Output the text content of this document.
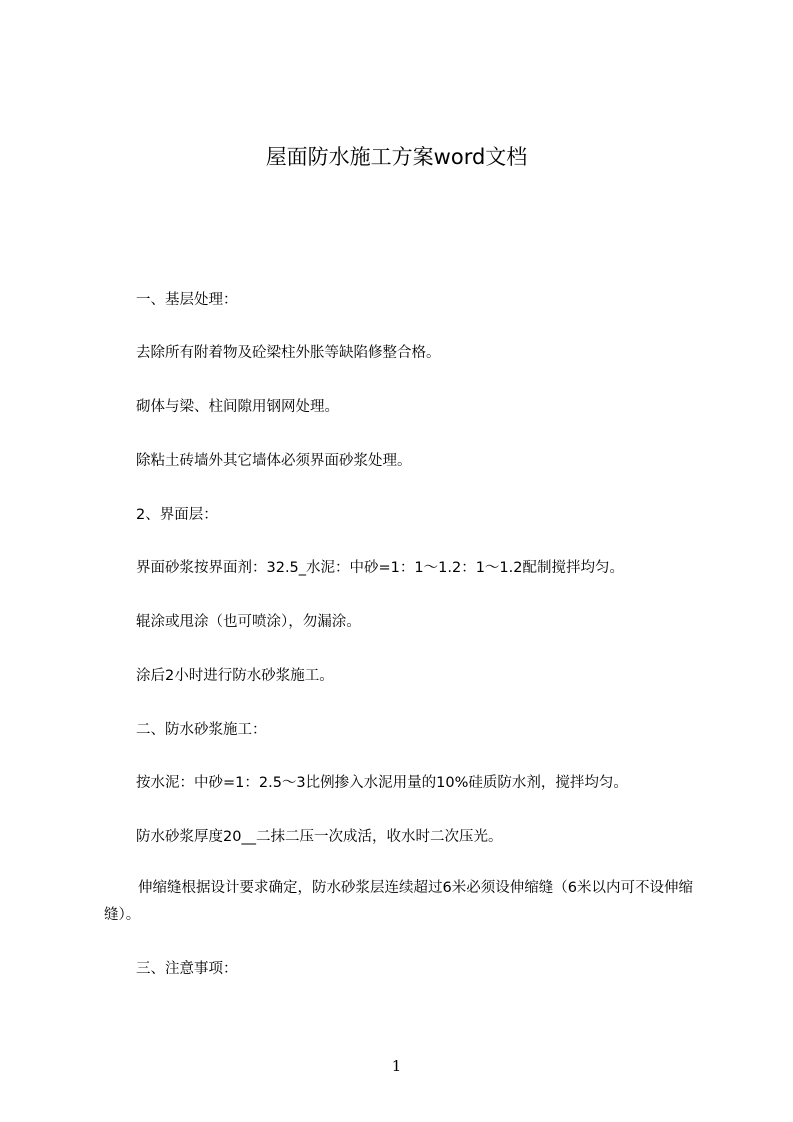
屋面防水施工方案word文档
一、基层处理：
去除所有附着物及砼梁柱外胀等缺陷修整合格。
砌体与梁、柱间隙用钢网处理。
除粘土砖墙外其它墙体必须界面砂浆处理。
2、界面层：
界面砂浆按界面剂：32.5_水泥：中砂=1：1～1.2：1～1.2配制搅拌均匀。
辊涂或甩涂（也可喷涂），勿漏涂。
涂后2小时进行防水砂浆施工。
二、防水砂浆施工：
按水泥：中砂=1：2.5～3比例掺入水泥用量的10%硅质防水剂，搅拌均匀。
防水砂浆厚度20__二抹二压一次成活，收水时二次压光。
伸缩缝根据设计要求确定，防水砂浆层连续超过6米必须设伸缩缝（6米以内可不设伸缩缝）。
三、注意事项：
1
